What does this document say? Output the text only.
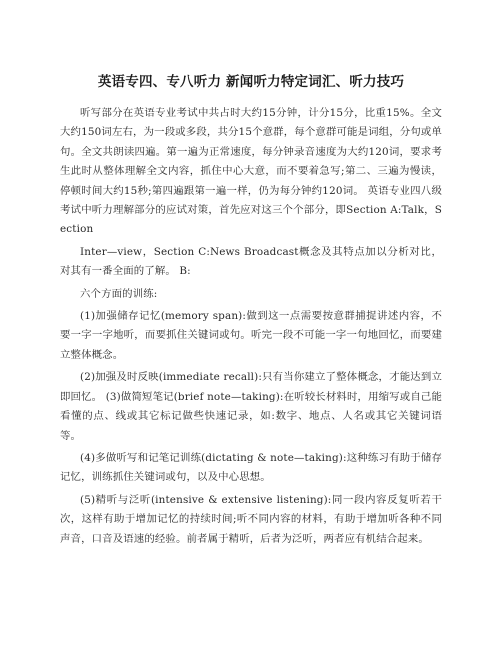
英语专四、专八听力 新闻听力特定词汇、听力技巧

听写部分在英语专业考试中共占时大约15分钟，计分15分，比重15%。全文大约150词左右，为一段或多段，共分15个意群，每个意群可能是词组，分句或单句。全文共朗读四遍。第一遍为正常速度，每分钟录音速度为大约120词，要求考生此时从整体理解全文内容，抓住中心大意，而不要着急写;第二、三遍为慢读，停顿时间大约15秒;第四遍跟第一遍一样，仍为每分钟约120词。 英语专业四八级考试中听力理解部分的应试对策，首先应对这三个个部分，即Section A:Talk，Section

Inter—view，Section C:News Broadcast概念及其特点加以分析对比，对其有一番全面的了解。 B:

六个方面的训练:

(1)加强储存记忆(memory span):做到这一点需要按意群捕捉讲述内容，不要一字一字地听，而要抓住关键词或句。听完一段不可能一字一句地回忆，而要建立整体概念。

(2)加强及时反映(immediate recall):只有当你建立了整体概念，才能达到立即回忆。 (3)做简短笔记(brief note—taking):在听较长材料时，用缩写或自己能看懂的点、线或其它标记做些快速记录，如:数字、地点、人名或其它关键词语等。

(4)多做听写和记笔记训练(dictating & note—taking):这种练习有助于储存记忆，训练抓住关键词或句，以及中心思想。

(5)精听与泛听(intensive & extensive listening):同一段内容反复听若干次，这样有助于增加记忆的持续时间;听不同内容的材料，有助于增加听各种不同声音，口音及语速的经验。前者属于精听，后者为泛听，两者应有机结合起来。
